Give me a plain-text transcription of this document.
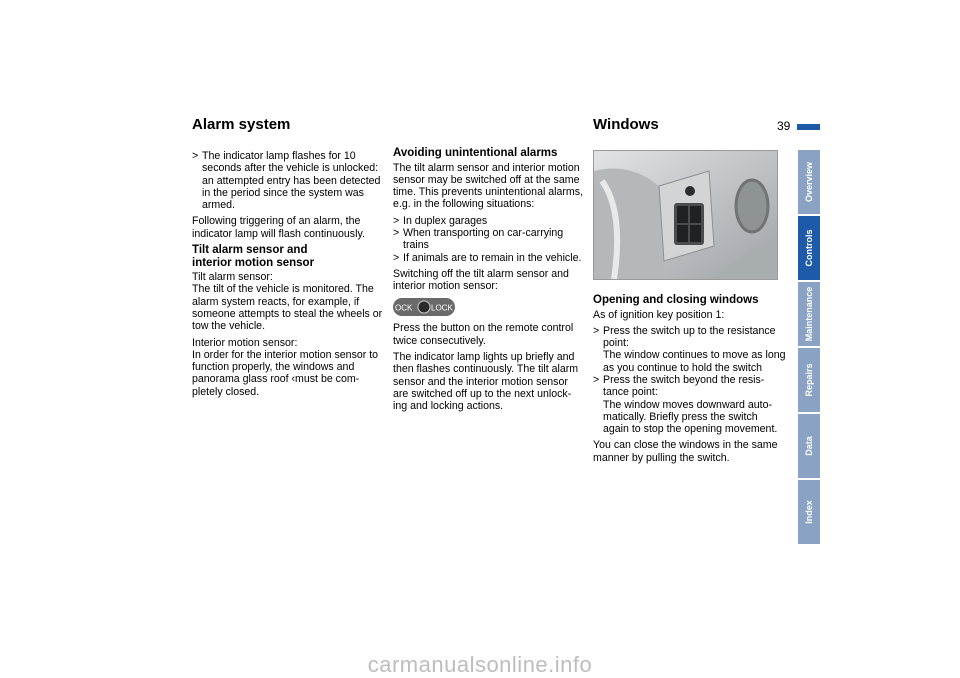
Alarm system
> The indicator lamp flashes for 10 seconds after the vehicle is unlocked: an attempted entry has been detected in the period since the system was armed.

Following triggering of an alarm, the indicator lamp will flash continuously.

Tilt alarm sensor and
interior motion sensor
Tilt alarm sensor:

The tilt of the vehicle is monitored. The alarm system reacts, for example, if someone attempts to steal the wheels or tow the vehicle.

Interior motion sensor:

In order for the interior motion sensor to function properly, the windows and panorama glass roof ‹must be com-pletely closed.

Avoiding unintentional alarms

The tilt alarm sensor and interior motion sensor may be switched off at the same time. This prevents unintentional alarms, e.g. in the following situations:

> In duplex garages
> When transporting on car-carrying trains
> If animals are to remain in the vehicle.

Switching off the tilt alarm sensor and interior motion sensor:

OCK LOCK

Press the button on the remote control twice consecutively.

The indicator lamp lights up briefly and then flashes continuously. The tilt alarm sensor and the interior motion sensor are switched off up to the next unlock-ing and locking actions.

Windows	39
Opening and closing windows

As of ignition key position 1:

> Press the switch up to the resistance point:
The window continues to move as long as you continue to hold the switch
> Press the switch beyond the resis-tance point:
The window moves downward auto-matically. Briefly press the switch again to stop the opening movement.

You can close the windows in the same manner by pulling the switch.

Overview
Controls
Maintenance
Repairs
Data
Index
carmanualsonline.info
